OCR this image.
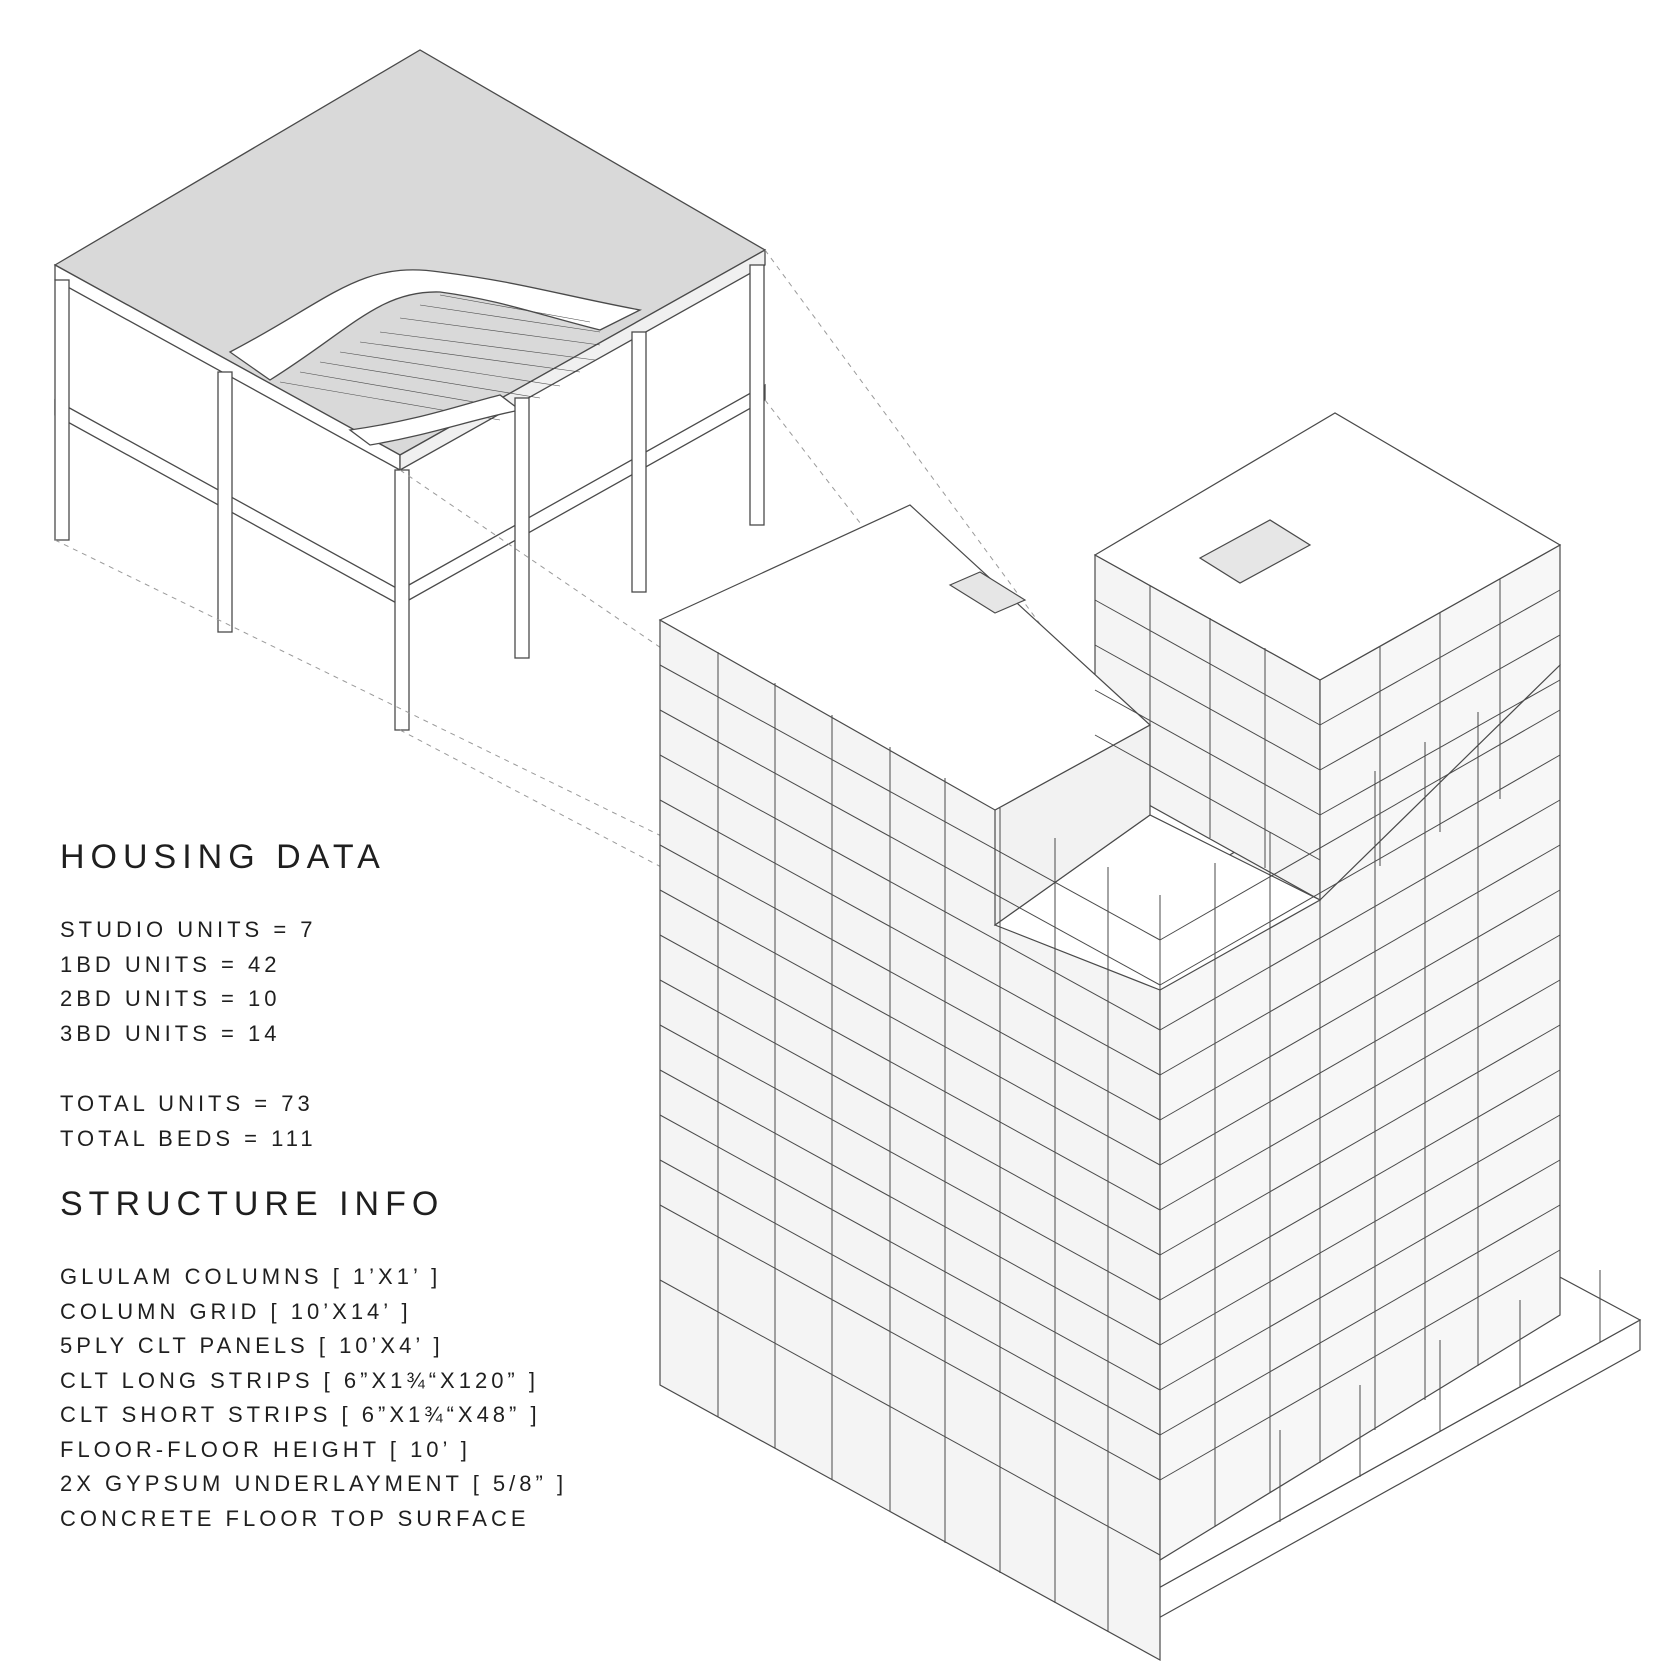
HOUSING DATA
STUDIO UNITS = 7
1BD UNITS = 42
2BD UNITS = 10
3BD UNITS = 14
TOTAL UNITS = 73
TOTAL BEDS = 111
STRUCTURE INFO
GLULAM COLUMNS [ 1’X1’ ]
COLUMN GRID [ 10’X14’ ]
5PLY CLT PANELS [ 10’X4’ ]
CLT LONG STRIPS [ 6”X1¾“X120” ]
CLT SHORT STRIPS [ 6”X1¾“X48” ]
FLOOR-FLOOR HEIGHT [ 10’ ]
2X GYPSUM UNDERLAYMENT [ 5/8” ]
CONCRETE FLOOR TOP SURFACE
